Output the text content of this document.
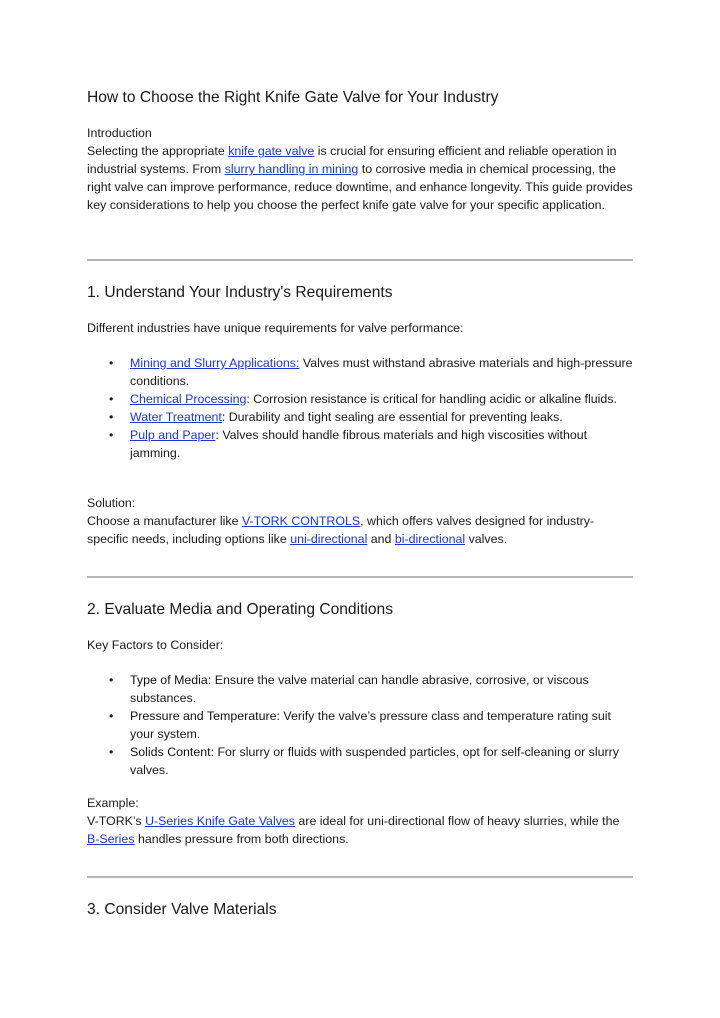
How to Choose the Right Knife Gate Valve for Your Industry

Introduction

Selecting the appropriate knife gate valve is crucial for ensuring efficient and reliable operation in industrial systems. From slurry handling in mining to corrosive media in chemical processing, the right valve can improve performance, reduce downtime, and enhance longevity. This guide provides key considerations to help you choose the perfect knife gate valve for your specific application.

1. Understand Your Industry's Requirements

Different industries have unique requirements for valve performance:

• Mining and Slurry Applications: Valves must withstand abrasive materials and high-pressure conditions.
• Chemical Processing: Corrosion resistance is critical for handling acidic or alkaline fluids.
• Water Treatment: Durability and tight sealing are essential for preventing leaks.
• Pulp and Paper: Valves should handle fibrous materials and high viscosities without jamming.

Solution:

Choose a manufacturer like V-TORK CONTROLS, which offers valves designed for industry-specific needs, including options like uni-directional and bi-directional valves.

2. Evaluate Media and Operating Conditions

Key Factors to Consider:

• Type of Media: Ensure the valve material can handle abrasive, corrosive, or viscous substances.
• Pressure and Temperature: Verify the valve’s pressure class and temperature rating suit your system.
• Solids Content: For slurry or fluids with suspended particles, opt for self-cleaning or slurry valves.

Example:

V-TORK’s U-Series Knife Gate Valves are ideal for uni-directional flow of heavy slurries, while the B-Series handles pressure from both directions.

3. Consider Valve Materials
